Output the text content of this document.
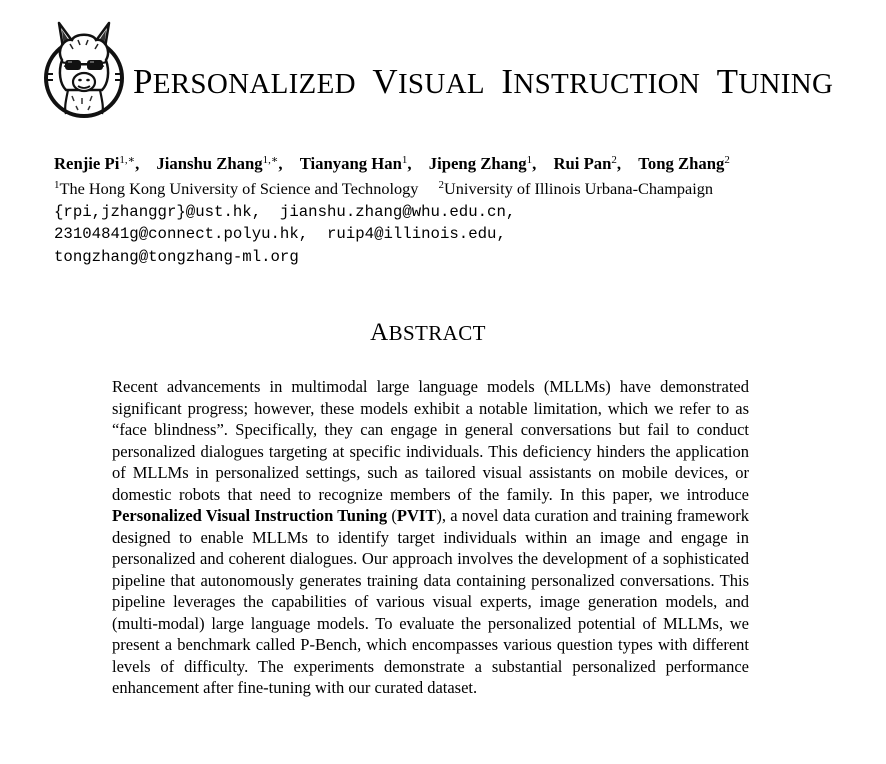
PERSONALIZED VISUAL INSTRUCTION TUNING
Renjie $Pi^{1,∗}$, Jianshu Zhang$^{1,∗}$, Tianyang Han$^1$, Jipeng Zhang$^1$, Rui Pan$^2$, Tong Zhang$^2$
$^1$The Hong Kong University of Science and Technology $^2$University of Illinois Urbana-Champaign
{rpi,jzhanggr}@ust.hk,  jianshu.zhang@whu.edu.cn,
23104841g@connect.polyu.hk,  ruip4@illinois.edu,
tongzhang@tongzhang-ml.org
ABSTRACT
Recent advancements in multimodal large language models (MLLMs) have demonstrated significant progress; however, these models exhibit a notable limitation, which we refer to as “face blindness”. Specifically, they can engage in general conversations but fail to conduct personalized dialogues targeting at specific individuals. This deficiency hinders the application of MLLMs in personalized settings, such as tailored visual assistants on mobile devices, or domestic robots that need to recognize members of the family. In this paper, we introduce Personalized Visual Instruction Tuning (PVIT), a novel data curation and training framework designed to enable MLLMs to identify target individuals within an image and engage in personalized and coherent dialogues. Our approach involves the development of a sophisticated pipeline that autonomously generates training data containing personalized conversations. This pipeline leverages the capabilities of various visual experts, image generation models, and (multi-modal) large language models. To evaluate the personalized potential of MLLMs, we present a benchmark called P-Bench, which encompasses various question types with different levels of difficulty. The experiments demonstrate a substantial personalized performance enhancement after fine-tuning with our curated dataset.
